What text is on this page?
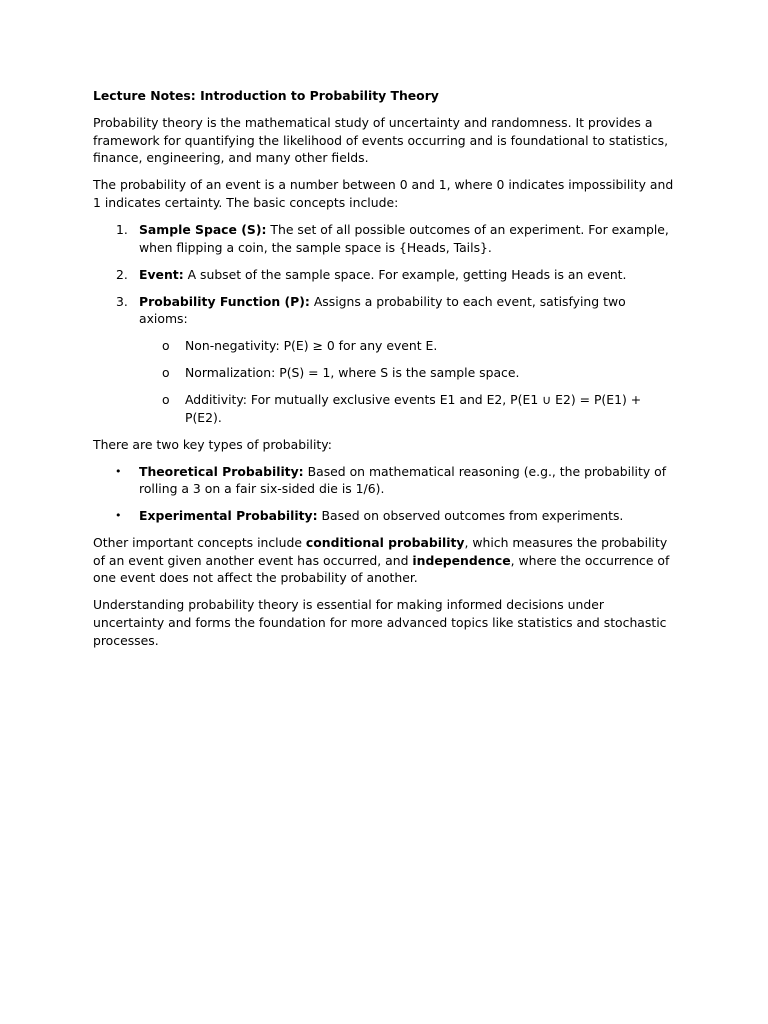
Lecture Notes: Introduction to Probability Theory

Probability theory is the mathematical study of uncertainty and randomness. It provides a framework for quantifying the likelihood of events occurring and is foundational to statistics, finance, engineering, and many other fields.

The probability of an event is a number between 0 and 1, where 0 indicates impossibility and 1 indicates certainty. The basic concepts include:

1. Sample Space (S): The set of all possible outcomes of an experiment. For example, when flipping a coin, the sample space is {Heads, Tails}.
2. Event: A subset of the sample space. For example, getting Heads is an event.
3. Probability Function (P): Assigns a probability to each event, satisfying two axioms:
o Non-negativity: P(E) ≥ 0 for any event E.
o Normalization: P(S) = 1, where S is the sample space.
o Additivity: For mutually exclusive events E1 and E2, P(E1 ∪ E2) = P(E1) + P(E2).

There are two key types of probability:

• Theoretical Probability: Based on mathematical reasoning (e.g., the probability of rolling a 3 on a fair six-sided die is 1/6).
• Experimental Probability: Based on observed outcomes from experiments.

Other important concepts include conditional probability, which measures the probability of an event given another event has occurred, and independence, where the occurrence of one event does not affect the probability of another.

Understanding probability theory is essential for making informed decisions under uncertainty and forms the foundation for more advanced topics like statistics and stochastic processes.
